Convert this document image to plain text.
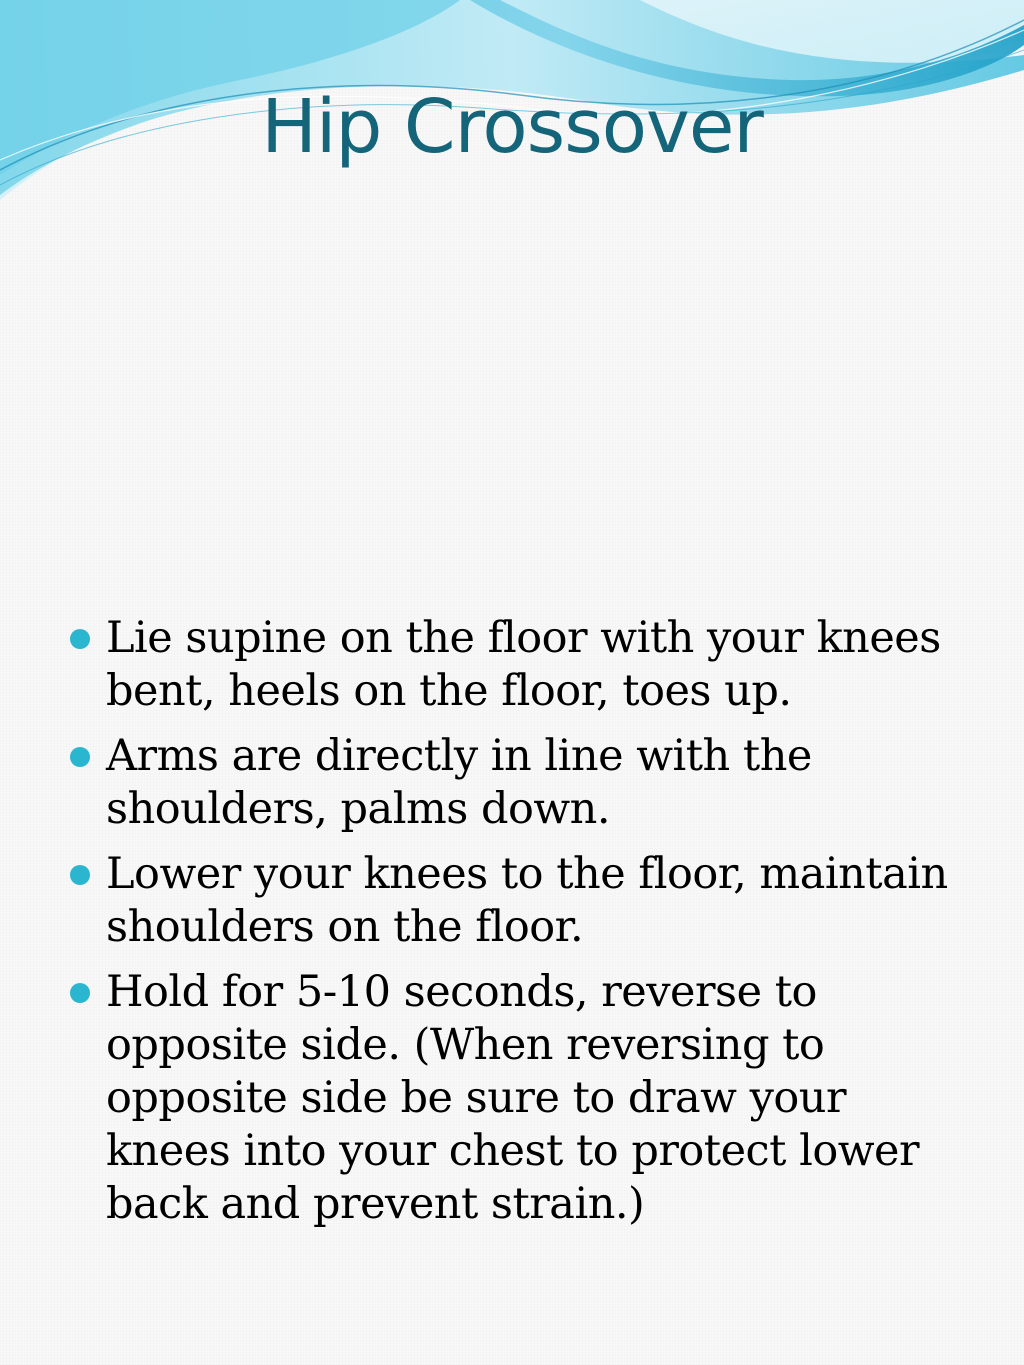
Hip Crossover
Lie supine on the floor with your knees bent, heels on the floor, toes up.
Arms are directly in line with the shoulders, palms down.
Lower your knees to the floor, maintain shoulders on the floor.
Hold for 5-10 seconds, reverse to opposite side. (When reversing to opposite side be sure to draw your knees into your chest to protect lower back and prevent strain.)
